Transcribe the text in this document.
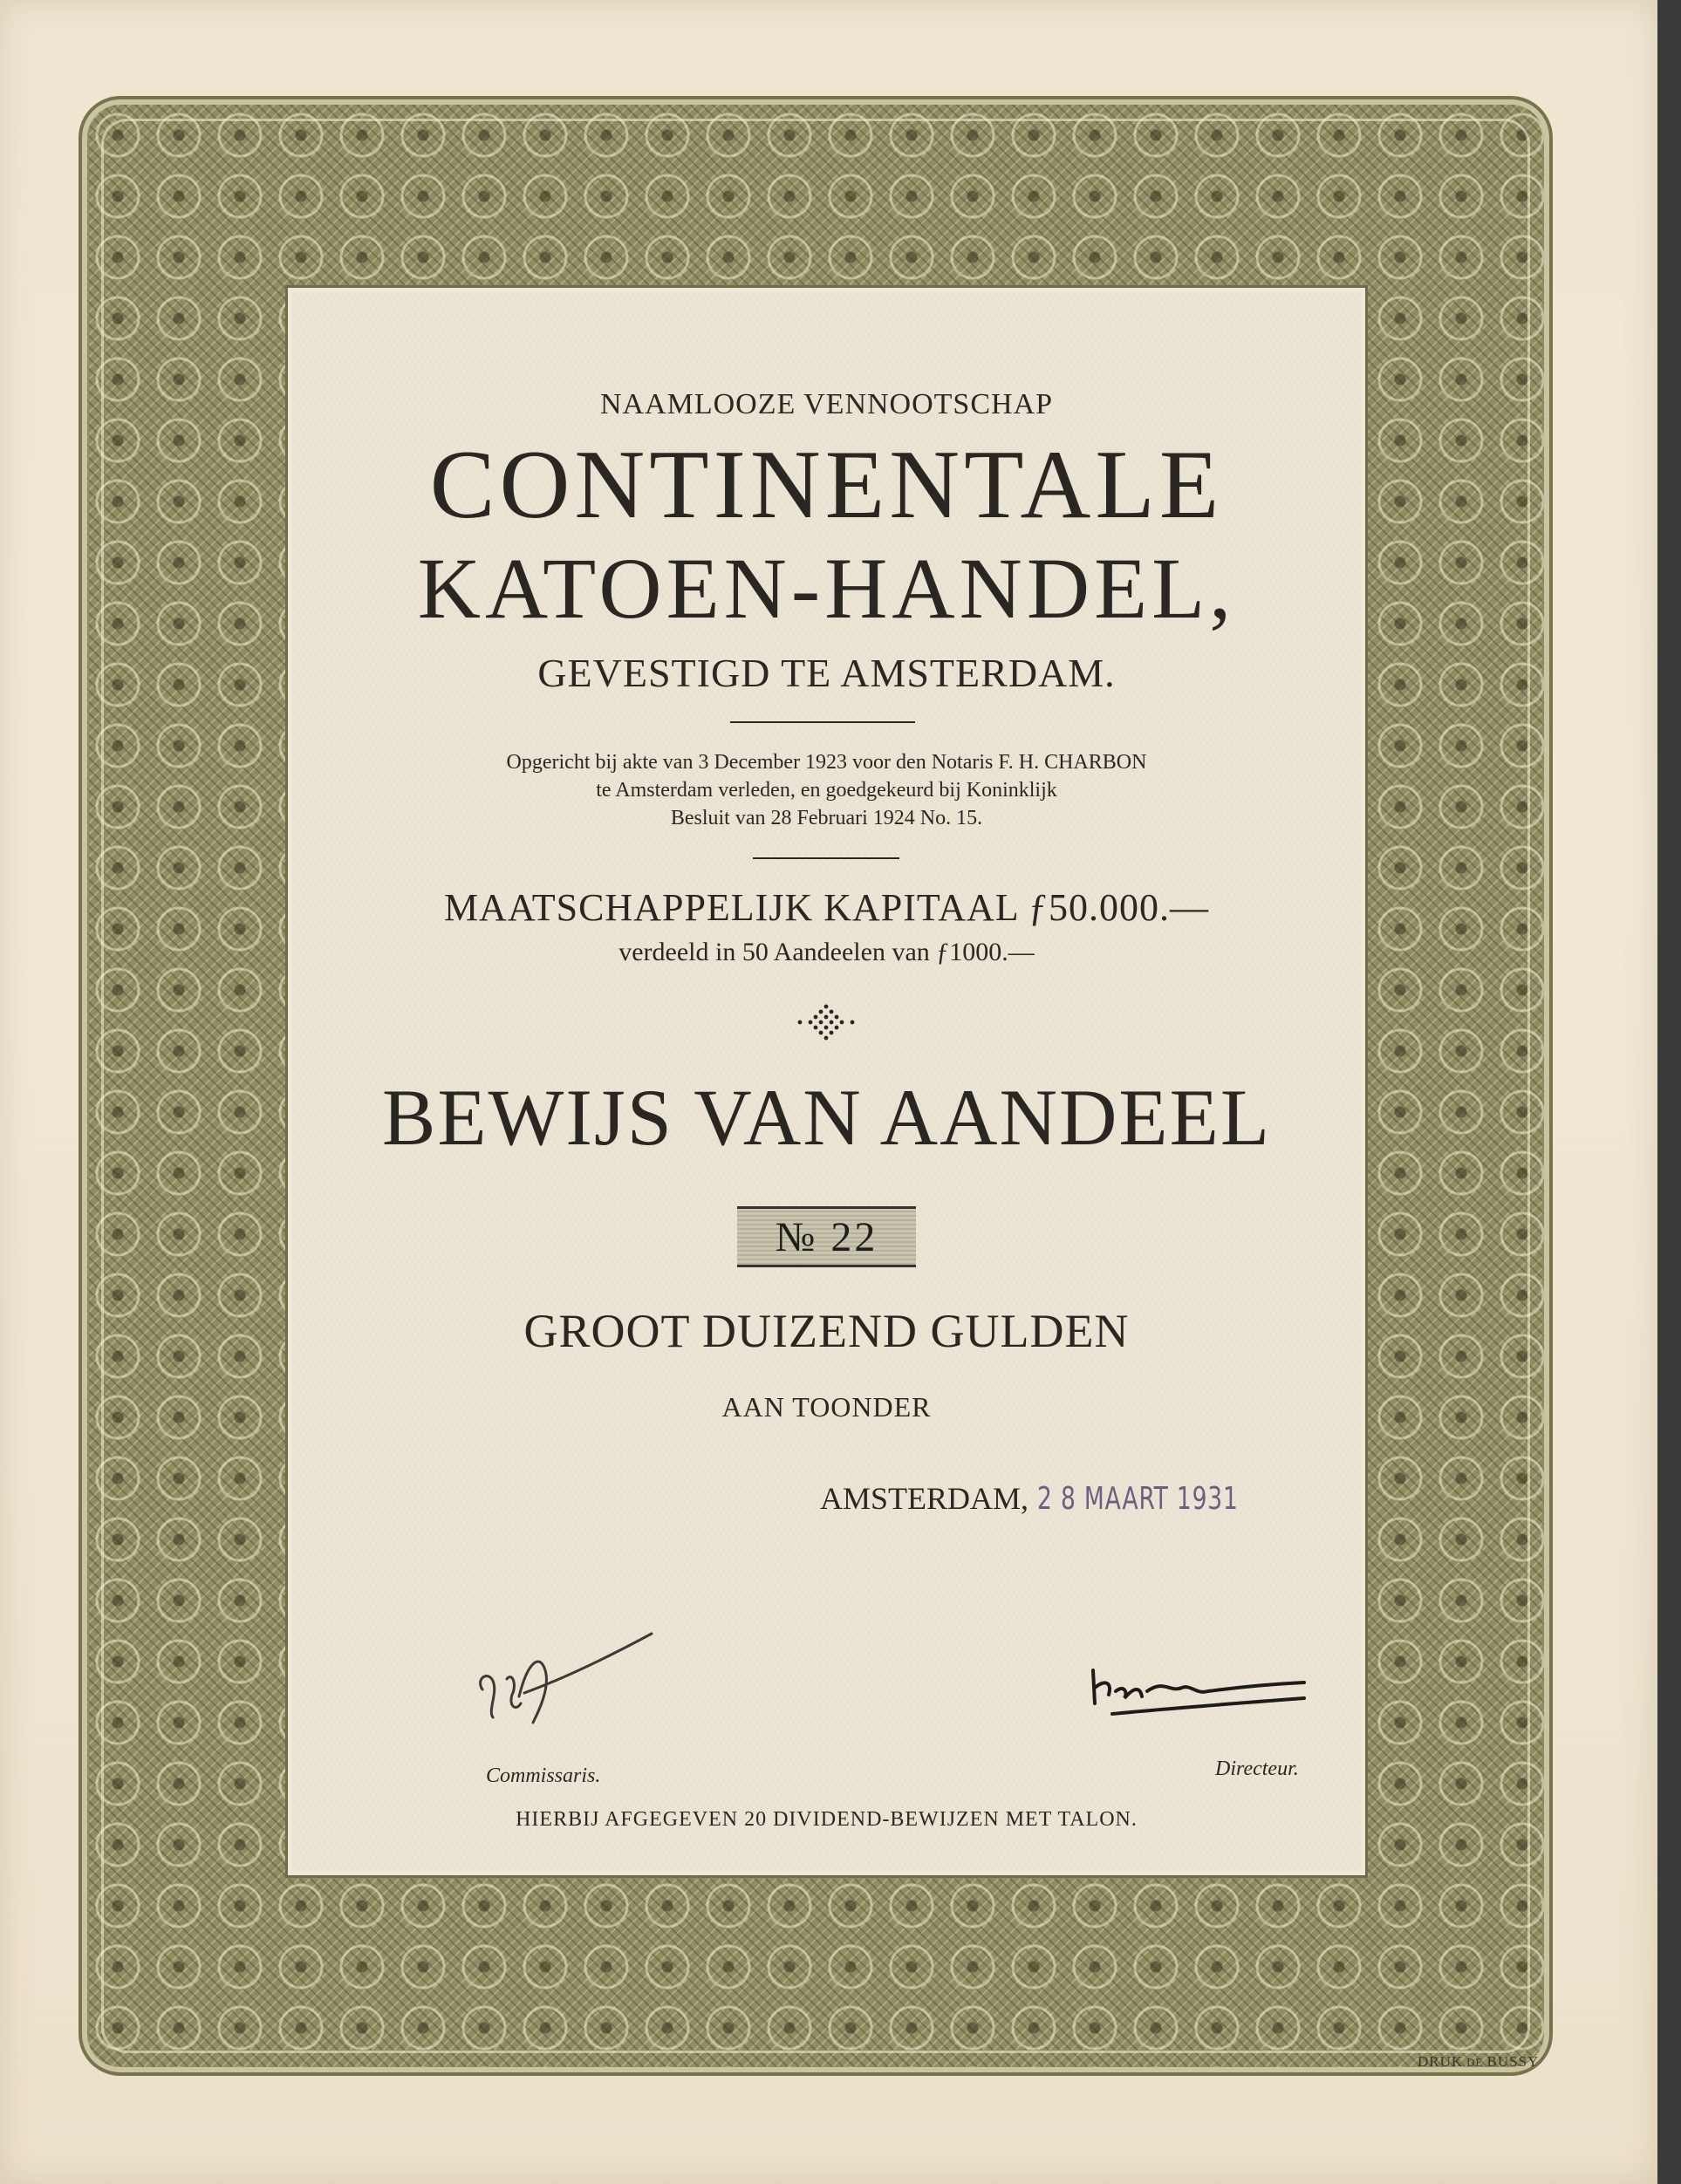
NAAMLOOZE VENNOOTSCHAP
CONTINENTALE
KATOEN-HANDEL,
GEVESTIGD TE AMSTERDAM.
Opgericht bij akte van 3 December 1923 voor den Notaris F. H. CHARBON
te Amsterdam verleden, en goedgekeurd bij Koninklijk
Besluit van 28 Februari 1924 No. 15.
MAATSCHAPPELIJK KAPITAAL ƒ50.000.—
verdeeld in 50 Aandeelen van ƒ1000.—
BEWIJS VAN AANDEEL
№ 22
GROOT DUIZEND GULDEN
AAN TOONDER
AMSTERDAM, 2 8 MAART 1931
Commissaris.	Directeur.
HIERBIJ AFGEGEVEN 20 DIVIDEND-BEWIJZEN MET TALON.
DRUK DE BUSSY
